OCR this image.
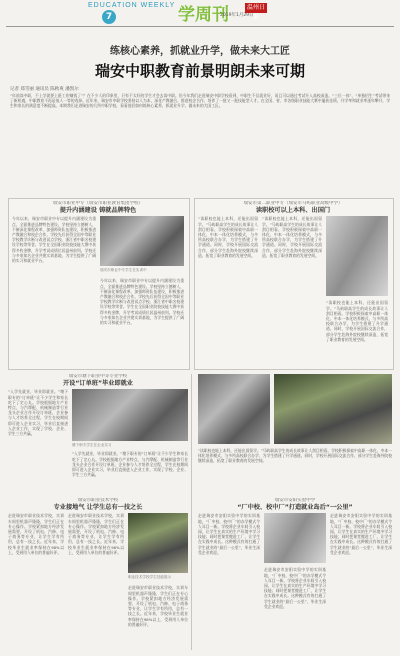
EDUCATION WEEKLY
7	学周刊
2019年1月29日
温州日报
练核心素养，抓就业升学，做未来大工匠
瑞安中职教育前景明朗未来可期
记者 郑雪丽 通讯员 陈秋爽 潘凯尔
“年前读中职，不上学就要上班工作赚钱了”？在不少人的印象里，只有不太好的学生才会去读中职。但今年我们走进瑞安中职学校看到，中职生不仅就业好，而且可以通过考试升入高校深造。“三位一体”、“单独招生”考试带来了新机遇，中职教育不再是低人一等的选择。近年来，瑞安市中职学校坚持以人为本，深化产教融合，推进校企合作，培养了一批又一批技能型人才。在全国、省、市各级职业技能大赛中屡获佳绩，升学率和就业率逐年攀升，学生和家长的满意度不断提高。本期我们走进瑞安的几所中职学校，看看他们如何练核心素养，抓就业升学，做未来的大国工匠。
瑞安市职业中专（瑞安市职业教育集团学校）
提升内涵建设 铸就品牌特色
今年以来，瑞安市职业中专以提升内涵建设为重点，全面推进品牌特色建设。学校坚持立德树人，不断深化课程改革，加强师资队伍建设，积极推进产教融合和校企合作。学校先后获得全国中等职业学校教学诊断与改进试点学校、浙江省中职名校建设学校等荣誉。学生在全国职业院校技能大赛中获得多枚金牌，升学考试成绩位居温州前列。学校还与多家知名企业共建实训基地，为学生提供了广阔的实习和就业平台。
瑞安市职业中专学生在实训中
今年以来，瑞安市职业中专以提升内涵建设为重点，全面推进品牌特色建设。学校坚持立德树人，不断深化课程改革，加强师资队伍建设，积极推进产教融合和校企合作。学校先后获得全国中等职业学校教学诊断与改进试点学校、浙江省中职名校建设学校等荣誉。学生在全国职业院校技能大赛中获得多枚金牌，升学考试成绩位居温州前列。学校还与多家知名企业共建实训基地，为学生提供了广阔的实习和就业平台。
瑞安市第二职业中专（瑞安市马屿职业高级中学）
读职校可以上本科、出国门
“读职校也能上本科，还能出国留学。”马屿职高学生的成长故事让人刮目相看。学校积极探索中高职一体化、中本一体化培养模式，与多所高校联合办学，为学生搭建了升学通道。同时，学校开展国际交流合作，部分学生赴海外院校继续深造，拓宽了职业教育的发展空间。
“读职校也能上本科，还能出国留学。”马屿职高学生的成长故事让人刮目相看。学校积极探索中高职一体化、中本一体化培养模式，与多所高校联合办学，为学生搭建了升学通道。同时，学校开展国际交流合作，部分学生赴海外院校继续深造，拓宽了职业教育的发展空间。
“读职校也能上本科，还能出国留学。”马屿职高学生的成长故事让人刮目相看。学校积极探索中高职一体化、中本一体化培养模式，与多所高校联合办学，为学生搭建了升学通道。同时，学校开展国际交流合作，部分学生赴海外院校继续深造，拓宽了职业教育的发展空间。
瑞安市塘下职业中等专业学校
开设“订单班”毕业即就业
“入学先就业，毕业即就业。”塘下职专的“订单班”让不少学生和家长吃下了定心丸。学校根据地方产业特点，与汽摩配、机械制造等行业龙头企业合作开设订单班，企业参与人才培养全过程，学生在校期间即可进入企业实习，毕业后直接进入企业工作，实现了学校、企业、学生三方共赢。
塘下职专学生在企业实习
“入学先就业，毕业即就业。”塘下职专的“订单班”让不少学生和家长吃下了定心丸。学校根据地方产业特点，与汽摩配、机械制造等行业龙头企业合作开设订单班，企业参与人才培养全过程，学生在校期间即可进入企业实习，毕业后直接进入企业工作，实现了学校、企业、学生三方共赢。
瑞安市职业技术学校
专业接地气 让学生总有一技之长
走进瑞安市职业技术学校，实训车间里机器声隆隆，学生们正在专心操作。学校紧扣地方经济发展需要，开设了机电、汽修、电子商务等专业，让学生学有所用，总有一技之长。近年来，学校毕业生就业率保持在98%以上，受到用人单位的普遍好评。
走进瑞安市职业技术学校，实训车间里机器声隆隆，学生们正在专心操作。学校紧扣地方经济发展需要，开设了机电、汽修、电子商务等专业，让学生学有所用，总有一技之长。近年来，学校毕业生就业率保持在98%以上，受到用人单位的普遍好评。
职业技术学校学生技能展示
走进瑞安市职业技术学校，实训车间里机器声隆隆，学生们正在专心操作。学校紧扣地方经济发展需要，开设了机电、汽修、电子商务等专业，让学生学有所用，总有一技之长。近年来，学校毕业生就业率保持在98%以上，受到用人单位的普遍好评。
“读职校也能上本科，还能出国留学。”马屿职高学生的成长故事让人刮目相看。学校积极探索中高职一体化、中本一体化培养模式，与多所高校联合办学，为学生搭建了升学通道。同时，学校开展国际交流合作，部分学生赴海外院校继续深造，拓宽了职业教育的发展空间。
瑞安市安阳实验中学
“厂中校、校中厂”打造就业岛后“一公里”
走进瑞安市安阳实验中学的实训基地，“厂中校、校中厂”的办学模式令人耳目一新。学校将企业车间引入校园，让学生在真实的生产环境中学习技能；同时把课堂搬进工厂，让学生在实践中成长。这种模式有效打通了学生就业的“最后一公里”，毕业生深受企业欢迎。
走进瑞安市安阳实验中学的实训基地，“厂中校、校中厂”的办学模式令人耳目一新。学校将企业车间引入校园，让学生在真实的生产环境中学习技能；同时把课堂搬进工厂，让学生在实践中成长。这种模式有效打通了学生就业的“最后一公里”，毕业生深受企业欢迎。
走进瑞安市安阳实验中学的实训基地，“厂中校、校中厂”的办学模式令人耳目一新。学校将企业车间引入校园，让学生在真实的生产环境中学习技能；同时把课堂搬进工厂，让学生在实践中成长。这种模式有效打通了学生就业的“最后一公里”，毕业生深受企业欢迎。
